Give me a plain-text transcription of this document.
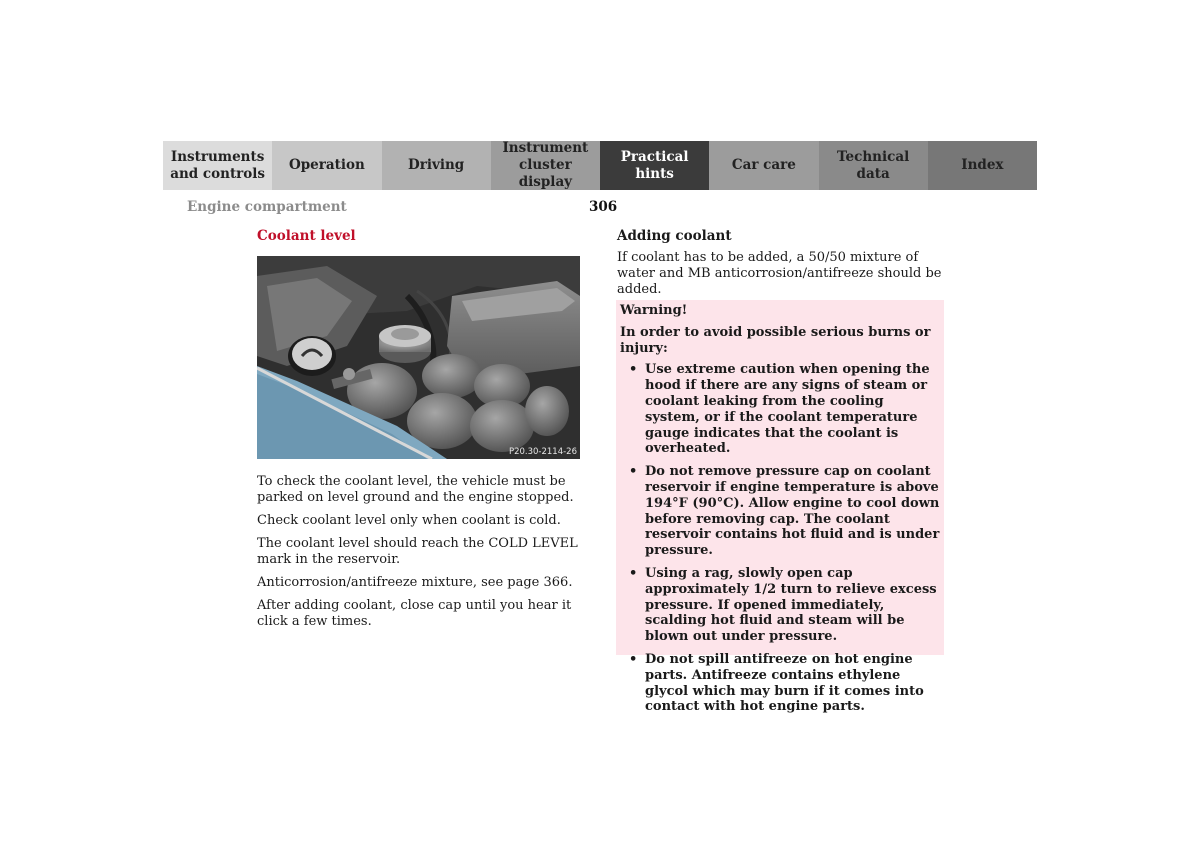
Instruments
and controls
Operation	Driving
Instrument
cluster display
Practical hints
Car care
Technical
data
Index
Engine compartment	306
Coolant level
P20.30-2114-26

To check the coolant level, the vehicle must be parked on level ground and the engine stopped.

Check coolant level only when coolant is cold.

The coolant level should reach the COLD LEVEL mark in the reservoir.

Anticorrosion/antifreeze mixture, see page 366.

After adding coolant, close cap until you hear it click a few times.

Adding coolant

If coolant has to be added, a 50/50 mixture of water and MB anticorrosion/antifreeze should be added.

Warning!

In order to avoid possible serious burns or injury:

• Use extreme caution when opening the hood if there are any signs of steam or coolant leaking from the cooling system, or if the coolant temperature gauge indicates that the coolant is overheated.
• Do not remove pressure cap on coolant reservoir if engine temperature is above 194°F (90°C). Allow engine to cool down before removing cap. The coolant reservoir contains hot fluid and is under pressure.
• Using a rag, slowly open cap approximately 1/2 turn to relieve excess pressure. If opened immediately, scalding hot fluid and steam will be blown out under pressure.
• Do not spill antifreeze on hot engine parts. Antifreeze contains ethylene glycol which may burn if it comes into contact with hot engine parts.
